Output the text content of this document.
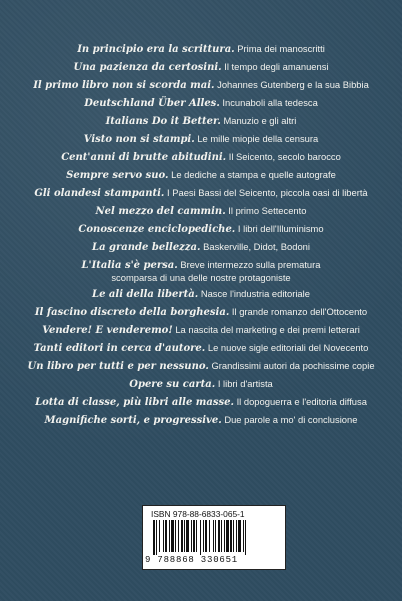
In principio era la scrittura. Prima dei manoscritti
Una pazienza da certosini. Il tempo degli amanuensi
Il primo libro non si scorda mai. Johannes Gutenberg e la sua Bibbia
Deutschland Über Alles. Incunaboli alla tedesca
Italians Do it Better. Manuzio e gli altri
Visto non si stampi. Le mille miopie della censura
Cent'anni di brutte abitudini. Il Seicento, secolo barocco
Sempre servo suo. Le dediche a stampa e quelle autografe
Gli olandesi stampanti. I Paesi Bassi del Seicento, piccola oasi di libertà
Nel mezzo del cammin. Il primo Settecento
Conoscenze enciclopediche. I libri dell'Illuminismo
La grande bellezza. Baskerville, Didot, Bodoni
L'Italia s'è persa. Breve intermezzo sulla prematura scomparsa di una delle nostre protagoniste
Le ali della libertà. Nasce l'industria editoriale
Il fascino discreto della borghesia. Il grande romanzo dell'Ottocento
Vendere! E venderemo! La nascita del marketing e dei premi letterari
Tanti editori in cerca d'autore. Le nuove sigle editoriali del Novecento
Un libro per tutti e per nessuno. Grandissimi autori da pochissime copie
Opere su carta. I libri d'artista
Lotta di classe, più libri alle masse. Il dopoguerra e l'editoria diffusa
Magnifiche sorti, e progressive. Due parole a mo' di conclusione
ISBN 978-88-6833-065-1
9 788868 330651
